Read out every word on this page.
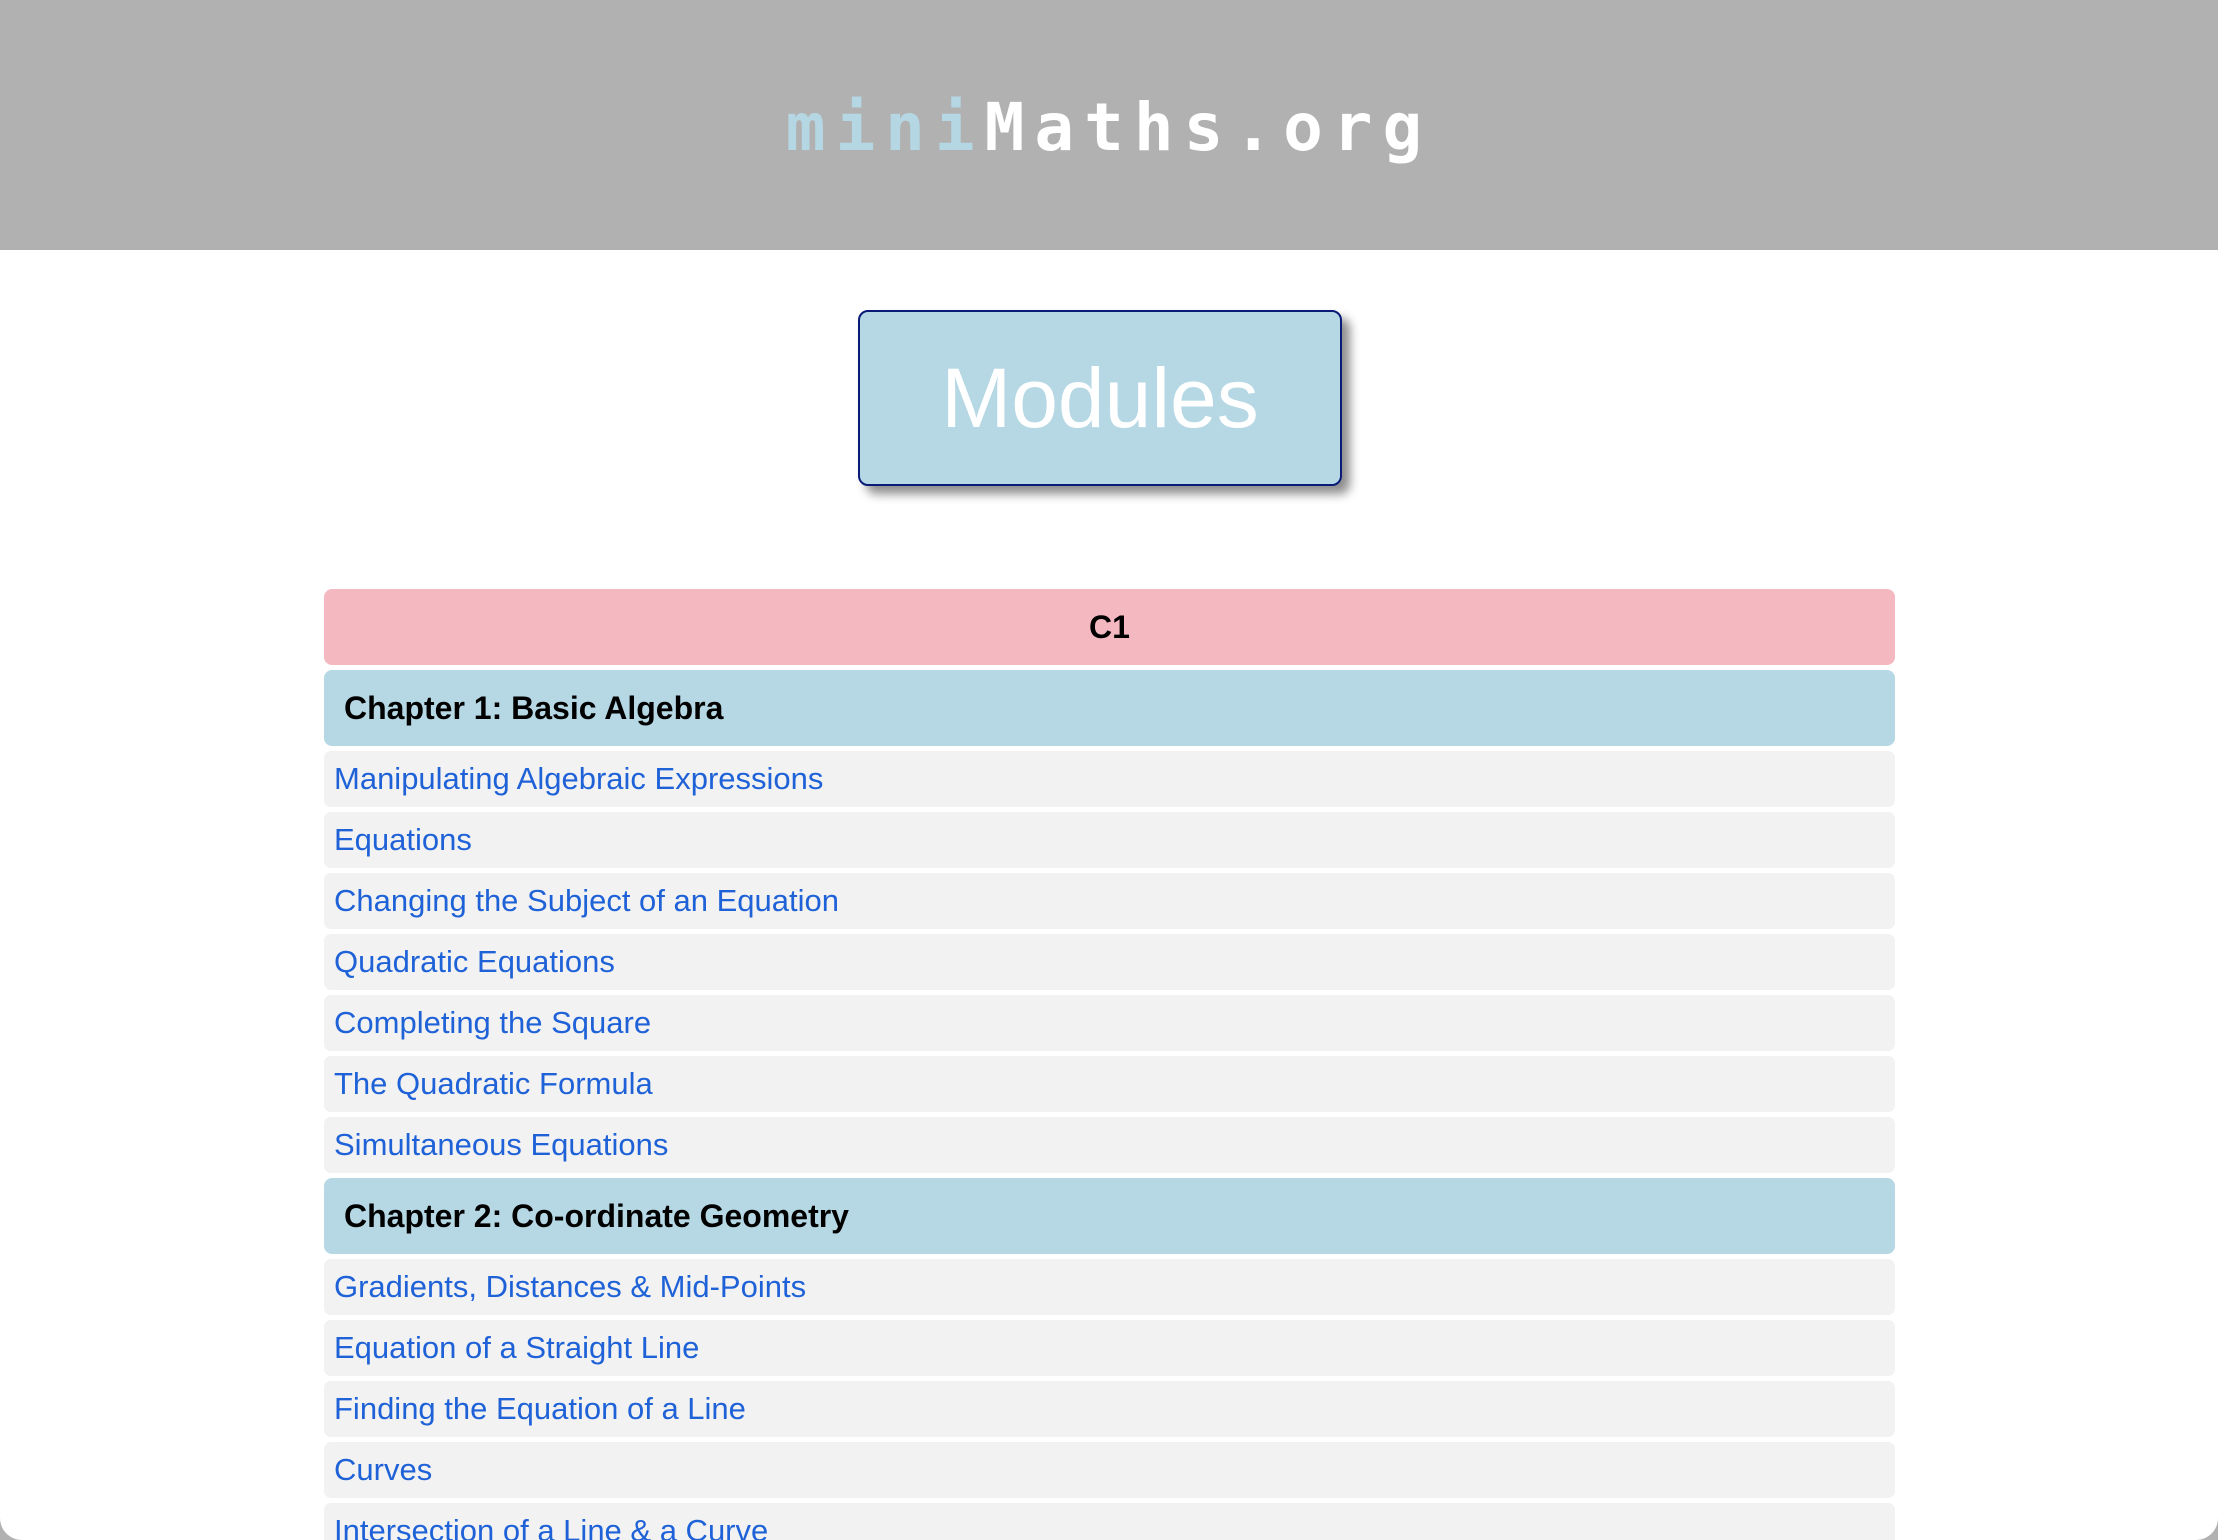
miniMaths.org
Modules
C1
Chapter 1: Basic Algebra
Manipulating Algebraic Expressions
Equations
Changing the Subject of an Equation
Quadratic Equations
Completing the Square
The Quadratic Formula
Simultaneous Equations
Chapter 2: Co-ordinate Geometry
Gradients, Distances & Mid-Points
Equation of a Straight Line
Finding the Equation of a Line
Curves
Intersection of a Line & a Curve
